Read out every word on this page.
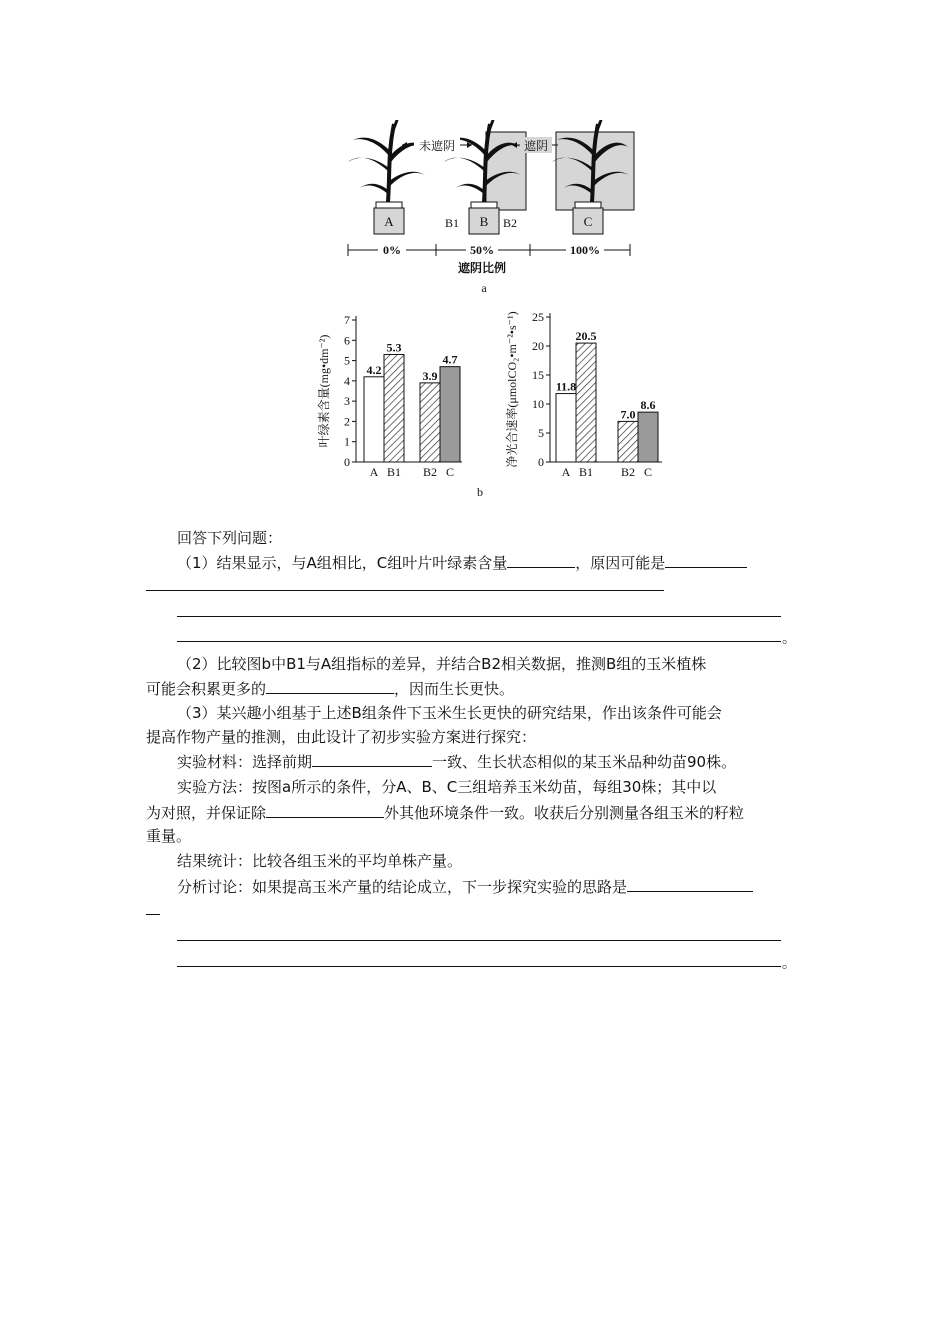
A	B	C
B1	B2
未遮阴	遮阴
0%	50%	100%
遮阴比例
a
0
1
2
3
4
5
6
7
4.2
A
5.3
B1
3.9
B2
4.7
C
叶绿素含量(mg•dm⁻²)
0
5
10
15
20
25
11.8
A
20.5
B1
7.0
B2
8.6
C
净光合速率(μmolCO₂•m⁻²•s⁻¹)
b
回答下列问题：
（1）结果显示，与A组相比，C组叶片叶绿素含量	，原因可能是
。
（2）比较图b中B1与A组指标的差异，并结合B2相关数据，推测B组的玉米植株
可能会积累更多的	，因而生长更快。
（3）某兴趣小组基于上述B组条件下玉米生长更快的研究结果，作出该条件可能会
提高作物产量的推测，由此设计了初步实验方案进行探究：
实验材料：选择前期	一致、生长状态相似的某玉米品种幼苗90株。
实验方法：按图a所示的条件，分A、B、C三组培养玉米幼苗，每组30株；其中以
为对照，并保证除	外其他环境条件一致。收获后分别测量各组玉米的籽粒
重量。
结果统计：比较各组玉米的平均单株产量。
分析讨论：如果提高玉米产量的结论成立，下一步探究实验的思路是
。
